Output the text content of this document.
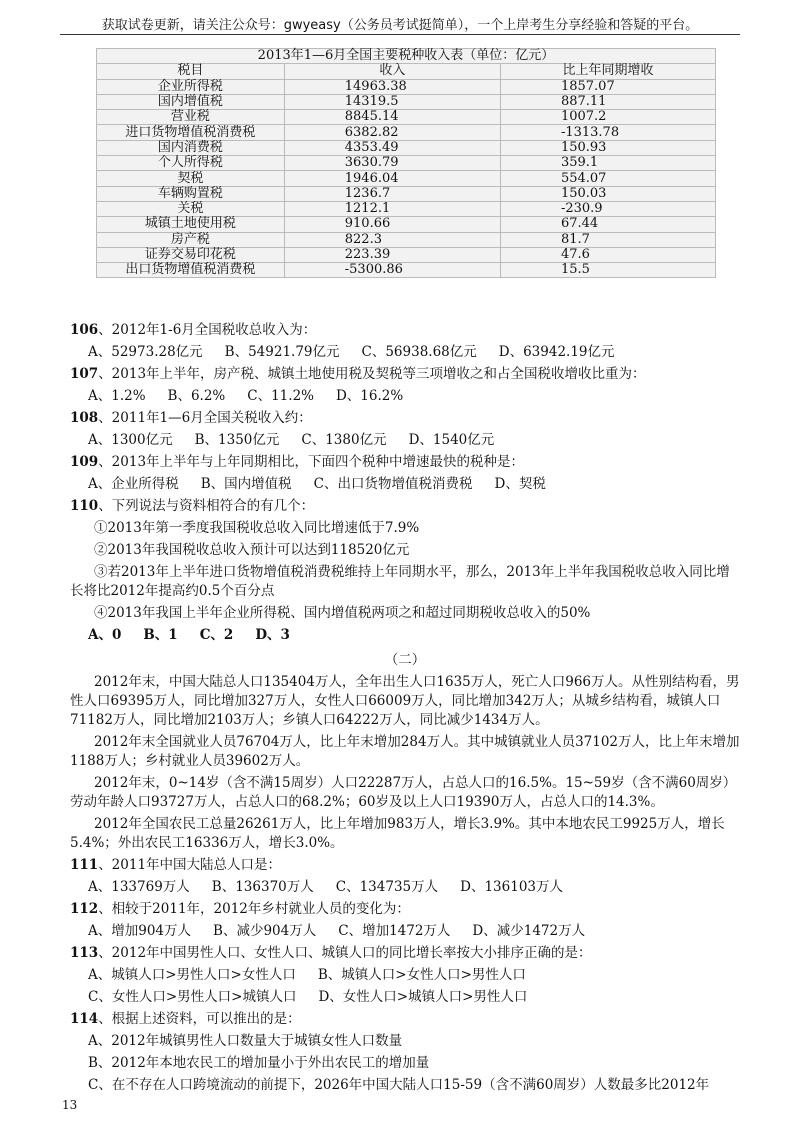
获取试卷更新，请关注公众号：gwyeasy（公务员考试挺简单），一个上岸考生分享经验和答疑的平台。
2013年1—6月全国主要税种收入表（单位：亿元）		
税目	收入	比上年同期增收
企业所得税	14963.38	1857.07
国内增值税	14319.5	887.11
营业税	8845.14	1007.2
进口货物增值税消费税	6382.82	-1313.78
国内消费税	4353.49	150.93
个人所得税	3630.79	359.1
契税	1946.04	554.07
车辆购置税	1236.7	150.03
关税	1212.1	-230.9
城镇土地使用税	910.66	67.44
房产税	822.3	81.7
证券交易印花税	223.39	47.6
出口货物增值税消费税	-5300.86	15.5

106、2012年1-6月全国税收总收入为：

A、52973.28亿元 B、54921.79亿元 C、56938.68亿元 D、63942.19亿元

107、2013年上半年，房产税、城镇土地使用税及契税等三项增收之和占全国税收增收比重为：

A、1.2% B、6.2% C、11.2% D、16.2%

108、2011年1—6月全国关税收入约：

A、1300亿元 B、1350亿元 C、1380亿元 D、1540亿元

109、2013年上半年与上年同期相比，下面四个税种中增速最快的税种是：

A、企业所得税 B、国内增值税 C、出口货物增值税消费税 D、契税

110、下列说法与资料相符合的有几个：

①2013年第一季度我国税收总收入同比增速低于7.9%

②2013年我国税收总收入预计可以达到118520亿元

③若2013年上半年进口货物增值税消费税维持上年同期水平，那么，2013年上半年我国税收总收入同比增长将比2012年提高约0.5个百分点

④2013年我国上半年企业所得税、国内增值税两项之和超过同期税收总收入的50%

A、0 B、1 C、2 D、3

（二）

2012年末，中国大陆总人口135404万人，全年出生人口1635万人，死亡人口966万人。从性别结构看，男性人口69395万人，同比增加327万人，女性人口66009万人，同比增加342万人；从城乡结构看，城镇人口71182万人，同比增加2103万人；乡镇人口64222万人，同比减少1434万人。

2012年末全国就业人员76704万人，比上年末增加284万人。其中城镇就业人员37102万人，比上年末增加1188万人；乡村就业人员39602万人。

2012年末，0~14岁（含不满15周岁）人口22287万人，占总人口的16.5%。15~59岁（含不满60周岁）劳动年龄人口93727万人，占总人口的68.2%；60岁及以上人口19390万人，占总人口的14.3%。

2012年全国农民工总量26261万人，比上年增加983万人，增长3.9%。其中本地农民工9925万人，增长5.4%；外出农民工16336万人，增长3.0%。

111、2011年中国大陆总人口是：

A、133769万人 B、136370万人 C、134735万人 D、136103万人

112、相较于2011年，2012年乡村就业人员的变化为：

A、增加904万人 B、减少904万人 C、增加1472万人 D、减少1472万人

113、2012年中国男性人口、女性人口、城镇人口的同比增长率按大小排序正确的是：

A、城镇人口>男性人口>女性人口 B、城镇人口>女性人口>男性人口

C、女性人口>男性人口>城镇人口 D、女性人口>城镇人口>男性人口

114、根据上述资料，可以推出的是：

A、2012年城镇男性人口数量大于城镇女性人口数量

B、2012年本地农民工的增加量小于外出农民工的增加量

C、在不存在人口跨境流动的前提下，2026年中国大陆人口15-59（含不满60周岁）人数最多比2012年

13
